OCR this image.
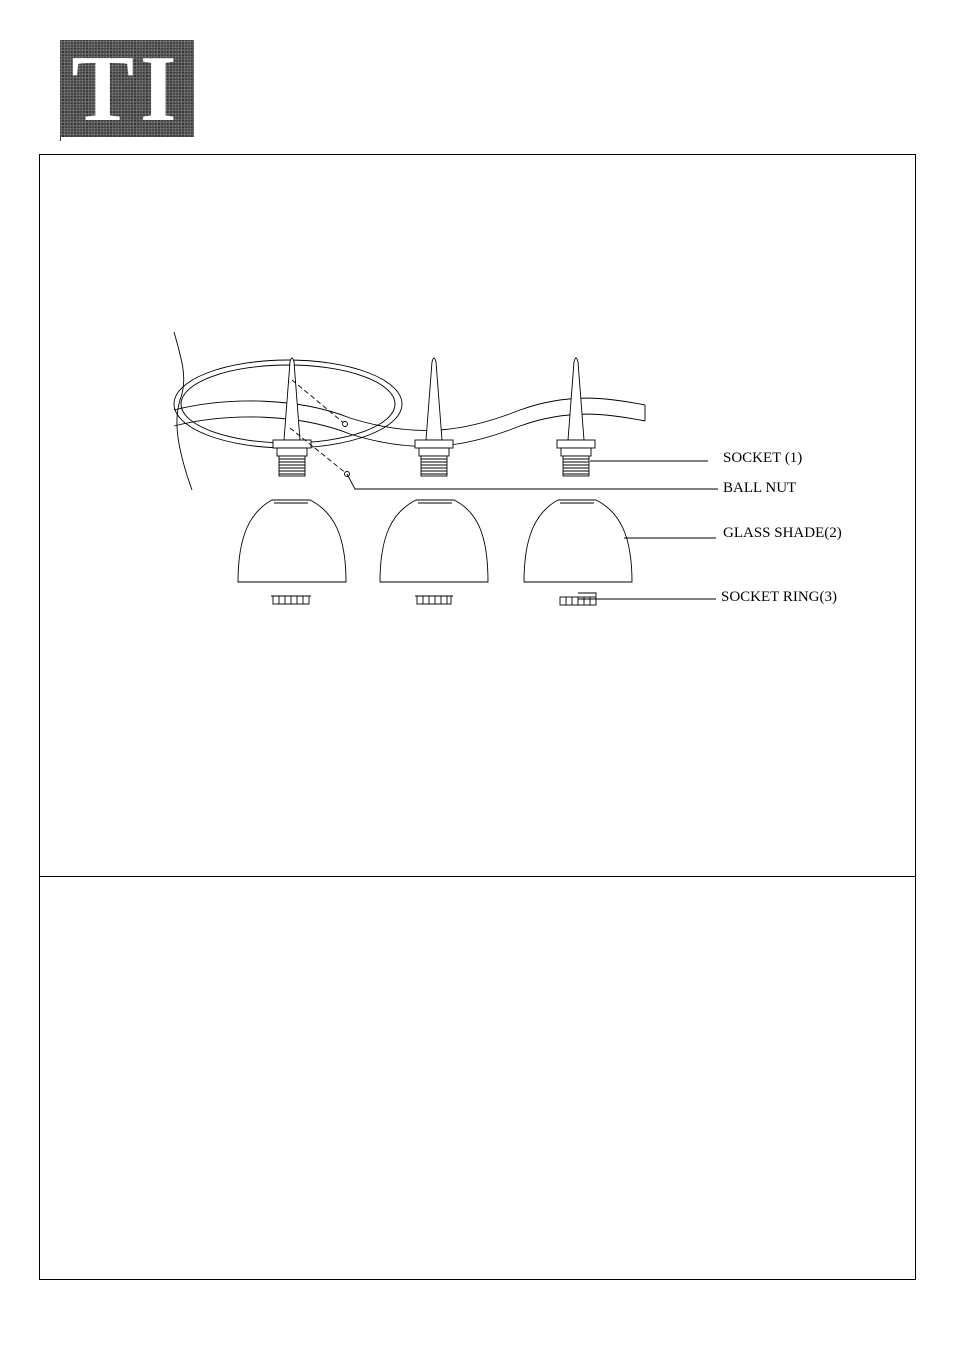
TI
SOCKET (1)
BALL NUT
GLASS SHADE(2)
SOCKET RING(3)
